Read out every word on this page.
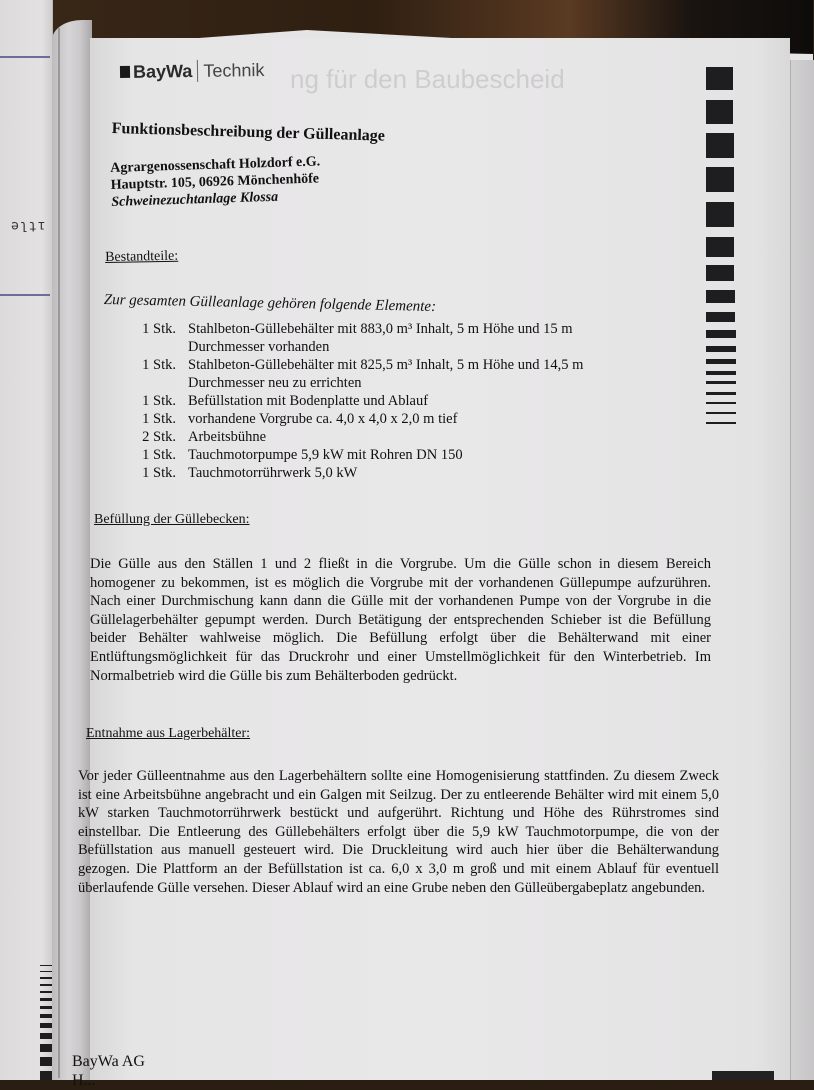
ıtle
ng für den Baubescheid
BayWa Technik
Funktionsbeschreibung der Gülleanlage
Agrargenossenschaft Holzdorf e.G.
Hauptstr. 105, 06926 Mönchenhöfe
Schweinezuchtanlage Klossa
Bestandteile:
Zur gesamten Gülleanlage gehören folgende Elemente:
1 Stk. Stahlbeton-Güllebehälter mit 883,0 m³ Inhalt, 5 m Höhe und 15 m Durchmesser vorhanden
1 Stk. Stahlbeton-Güllebehälter mit 825,5 m³ Inhalt, 5 m Höhe und 14,5 m Durchmesser neu zu errichten
1 Stk. Befüllstation mit Bodenplatte und Ablauf
1 Stk. vorhandene Vorgrube ca. 4,0 x 4,0 x 2,0 m tief
2 Stk. Arbeitsbühne
1 Stk. Tauchmotorpumpe 5,9 kW mit Rohren DN 150
1 Stk. Tauchmotorrührwerk 5,0 kW
Befüllung der Güllebecken:
Die Gülle aus den Ställen 1 und 2 fließt in die Vorgrube. Um die Gülle schon in diesem Bereich homogener zu bekommen, ist es möglich die Vorgrube mit der vorhandenen Güllepumpe aufzurühren. Nach einer Durchmischung kann dann die Gülle mit der vorhandenen Pumpe von der Vorgrube in die Güllelagerbehälter gepumpt werden. Durch Betätigung der entsprechenden Schieber ist die Befüllung beider Behälter wahlweise möglich. Die Befüllung erfolgt über die Behälterwand mit einer Entlüftungsmöglichkeit für das Druckrohr und einer Umstellmöglichkeit für den Winterbetrieb. Im Normalbetrieb wird die Gülle bis zum Behälterboden gedrückt.
Entnahme aus Lagerbehälter:
Vor jeder Gülleentnahme aus den Lagerbehältern sollte eine Homogenisierung stattfinden. Zu diesem Zweck ist eine Arbeitsbühne angebracht und ein Galgen mit Seilzug. Der zu entleerende Behälter wird mit einem 5,0 kW starken Tauchmotorrührwerk bestückt und aufgerührt. Richtung und Höhe des Rührstromes sind einstellbar. Die Entleerung des Güllebehälters erfolgt über die 5,9 kW Tauchmotorpumpe, die von der Befüllstation aus manuell gesteuert wird. Die Druckleitung wird auch hier über die Behälterwandung gezogen. Die Plattform an der Befüllstation ist ca. 6,0 x 3,0 m groß und mit einem Ablauf für eventuell überlaufende Gülle versehen. Dieser Ablauf wird an eine Grube neben den Gülleübergabeplatz angebunden.
BayWa AG
H...
